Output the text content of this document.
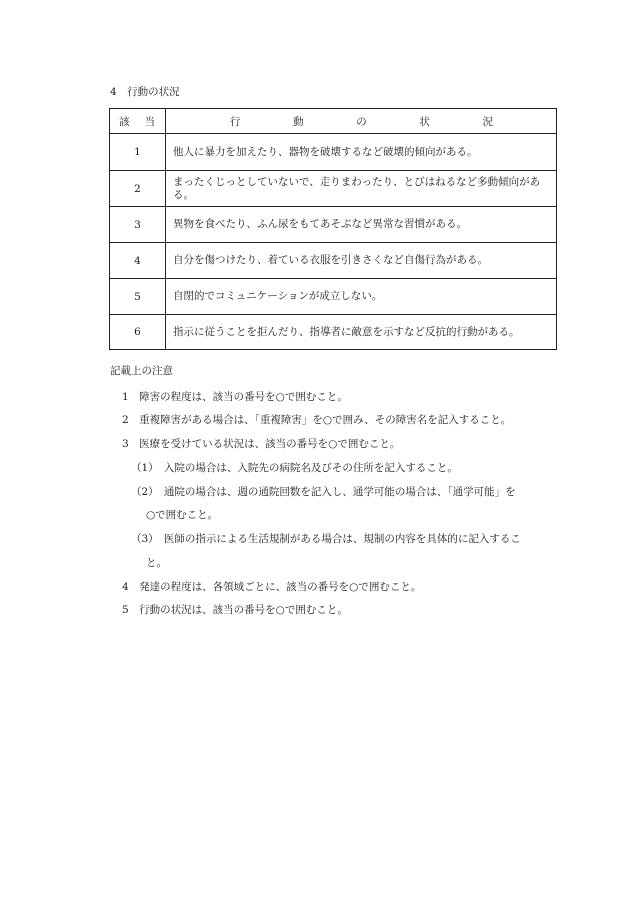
4　行動の状況
該 当	行 動 の 状 況

1	他人に暴力を加えたり、器物を破壊するなど破壊的傾向がある。
2	まったくじっとしていないで、走りまわったり、とびはねるなど多動傾向がある。
3	異物を食べたり、ふん尿をもてあそぶなど異常な習慣がある。
4	自分を傷つけたり、着ている衣服を引きさくなど自傷行為がある。
5	自閉的でコミュニケーションが成立しない。
6	指示に従うことを拒んだり、指導者に敵意を示すなど反抗的行動がある。
記載上の注意
1　障害の程度は、該当の番号を○で囲むこと。
2　重複障害がある場合は、「重複障害」を○で囲み、その障害名を記入すること。
3　医療を受けている状況は、該当の番号を○で囲むこと。
（1）　入院の場合は、入院先の病院名及びその住所を記入すること。
（2）　通院の場合は、週の通院回数を記入し、通学可能の場合は、「通学可能」を
○で囲むこと。
（3）　医師の指示による生活規制がある場合は、規制の内容を具体的に記入するこ
と。
4　発達の程度は、各領域ごとに、該当の番号を○で囲むこと。
5　行動の状況は、該当の番号を○で囲むこと。
